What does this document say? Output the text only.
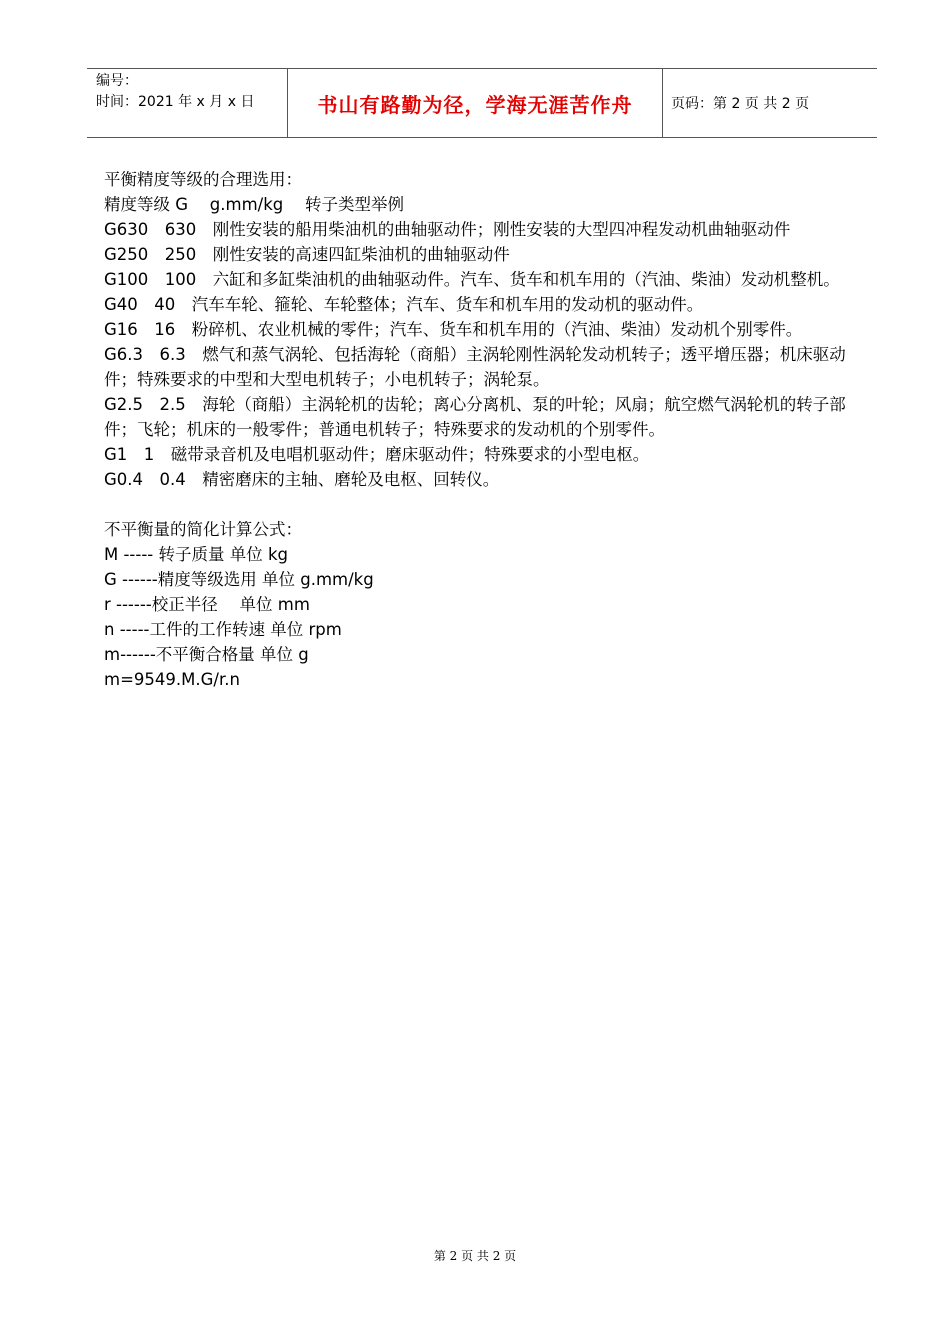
编号：
时间：2021 年 x 月 x 日	书山有路勤为径，学海无涯苦作舟	页码：第 2 页 共 2 页

平衡精度等级的合理选用：

精度等级 G　 g.mm/kg　 转子类型举例

G630　630　刚性安装的船用柴油机的曲轴驱动件；刚性安装的大型四冲程发动机曲轴驱动件

G250　250　刚性安装的高速四缸柴油机的曲轴驱动件

G100　100　六缸和多缸柴油机的曲轴驱动件。汽车、货车和机车用的（汽油、柴油）发动机整机。

G40　40　汽车车轮、箍轮、车轮整体；汽车、货车和机车用的发动机的驱动件。

G16　16　粉碎机、农业机械的零件；汽车、货车和机车用的（汽油、柴油）发动机个别零件。

G6.3　6.3　燃气和蒸气涡轮、包括海轮（商船）主涡轮刚性涡轮发动机转子；透平增压器；机床驱动件；特殊要求的中型和大型电机转子；小电机转子；涡轮泵。

G2.5　2.5　海轮（商船）主涡轮机的齿轮；离心分离机、泵的叶轮；风扇；航空燃气涡轮机的转子部件；飞轮；机床的一般零件；普通电机转子；特殊要求的发动机的个别零件。

G1　1　磁带录音机及电唱机驱动件；磨床驱动件；特殊要求的小型电枢。

G0.4　0.4　精密磨床的主轴、磨轮及电枢、回转仪。

不平衡量的简化计算公式：

M ----- 转子质量 单位 kg

G ------精度等级选用 单位 g.mm/kg

r ------校正半径　 单位 mm

n -----工件的工作转速 单位 rpm

m------不平衡合格量 单位 g

m=9549.M.G/r.n

第 2 页 共 2 页
